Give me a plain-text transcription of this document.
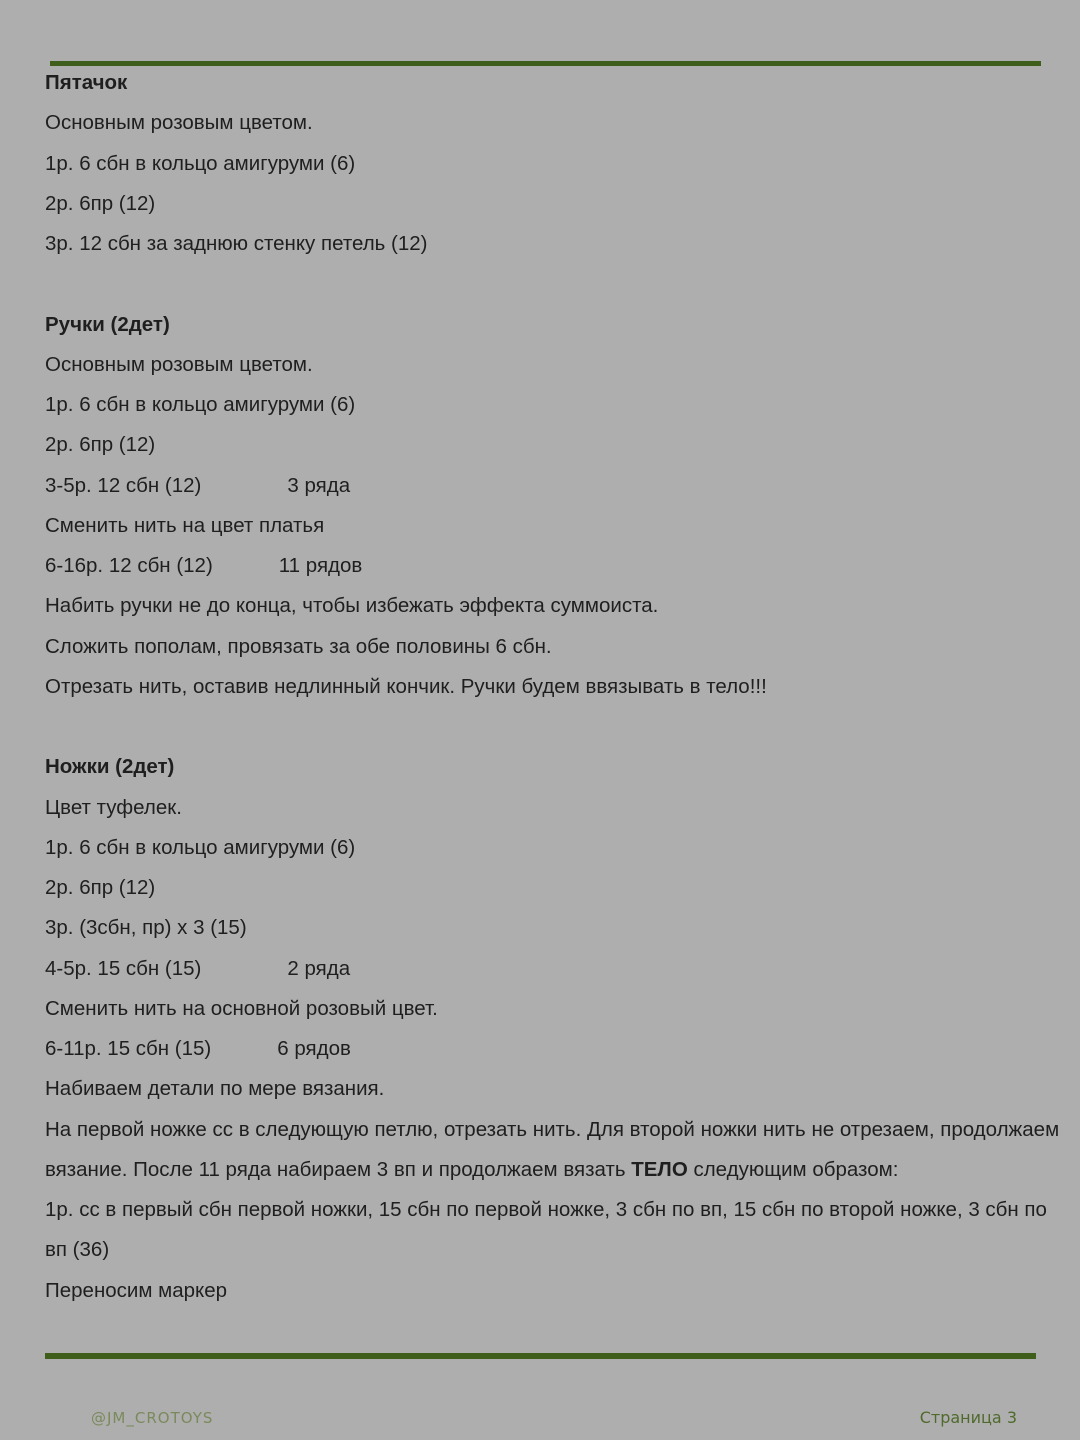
Пятачок
Основным розовым цветом.
1р. 6 сбн в кольцо амигуруми (6)
2р. 6пр (12)
3р. 12 сбн за заднюю стенку петель (12)
Ручки (2дет)
Основным розовым цветом.
1р. 6 сбн в кольцо амигуруми (6)
2р. 6пр (12)
3-5р. 12 сбн (12)	3 ряда
Сменить нить на цвет платья
6-16р. 12 сбн (12)	11 рядов
Набить ручки не до конца, чтобы избежать эффекта суммоиста.
Сложить пополам, провязать за обе половины 6 сбн.
Отрезать нить, оставив недлинный кончик. Ручки будем ввязывать в тело!!!
Ножки (2дет)
Цвет туфелек.
1р. 6 сбн в кольцо амигуруми (6)
2р. 6пр (12)
3р. (3сбн, пр) х 3 (15)
4-5р. 15 сбн (15)	2 ряда
Сменить нить на основной розовый цвет.
6-11р. 15 сбн (15)	6 рядов
Набиваем детали по мере вязания.
На первой ножке сс в следующую петлю, отрезать нить. Для второй ножки нить не отрезаем, продолжаем вязание. После 11 ряда набираем 3 вп и продолжаем вязать ТЕЛО следующим образом:
1р. сс в первый сбн первой ножки, 15 сбн по первой ножке, 3 сбн по вп, 15 сбн по второй ножке, 3 сбн по вп (36)
Переносим маркер
@JM_CROTOYS	Страница 3
